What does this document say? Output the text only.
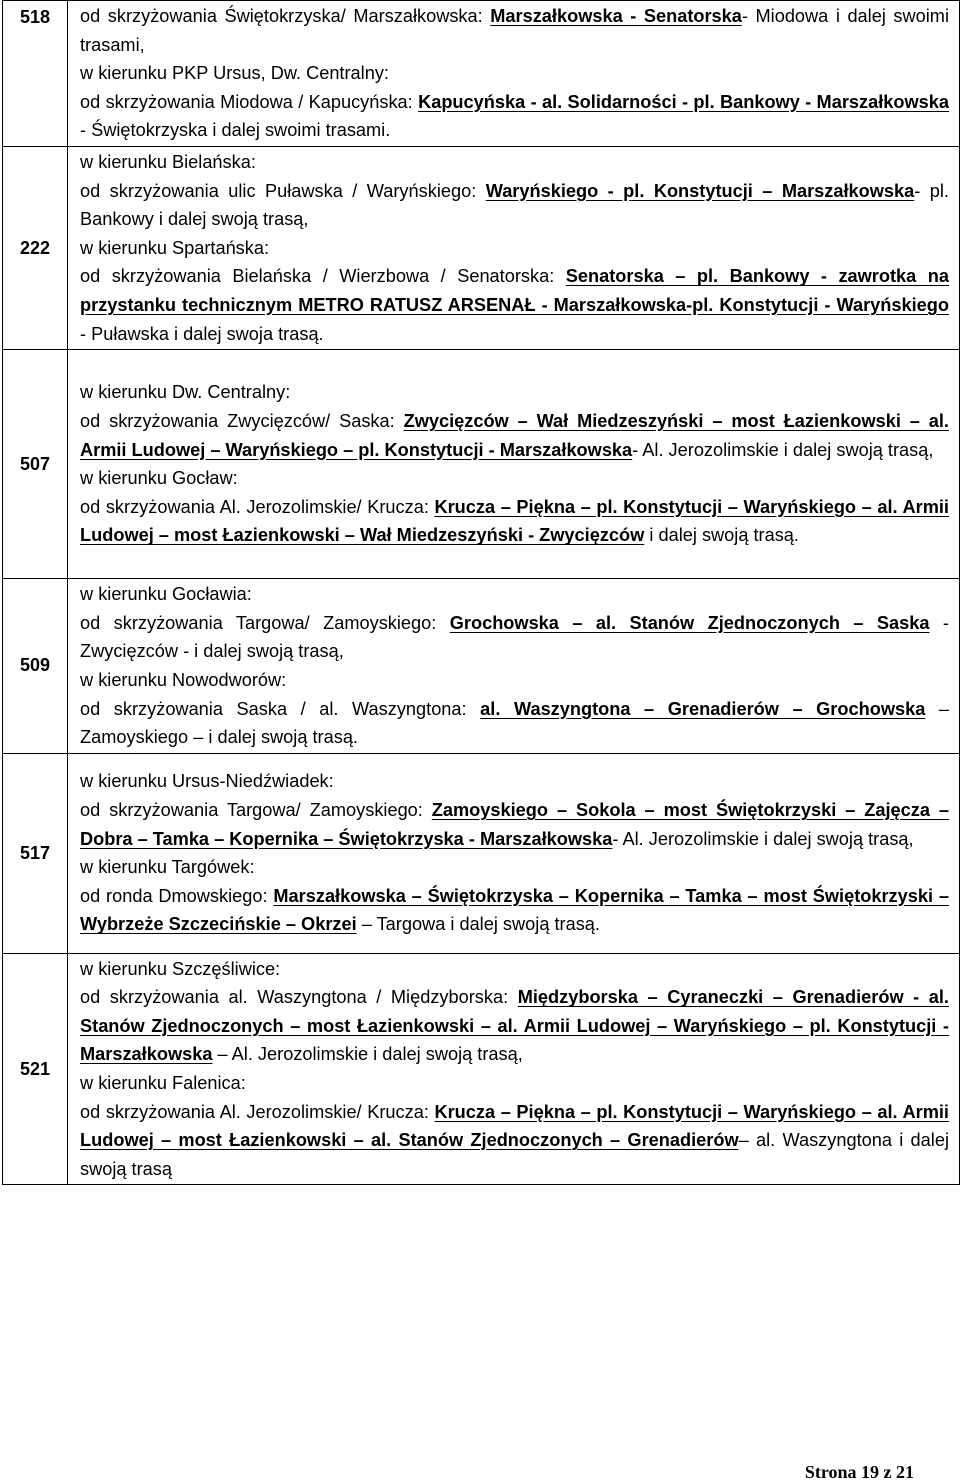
518	od skrzyżowania Świętokrzyska/ Marszałkowska: Marszałkowska - Senatorska- Miodowa i dalej swoimi trasami,

w kierunku PKP Ursus, Dw. Centralny:

od skrzyżowania Miodowa / Kapucyńska: Kapucyńska - al. Solidarności - pl. Bankowy - Marszałkowska - Świętokrzyska i dalej swoimi trasami.

222	w kierunku Bielańska:

od skrzyżowania ulic Puławska / Waryńskiego: Waryńskiego - pl. Konstytucji – Marszałkowska- pl. Bankowy i dalej swoją trasą,

w kierunku Spartańska:

od skrzyżowania Bielańska / Wierzbowa / Senatorska: Senatorska – pl. Bankowy - zawrotka na przystanku technicznym METRO RATUSZ ARSENAŁ - Marszałkowska-pl. Konstytucji - Waryńskiego - Puławska i dalej swoja trasą.

507	w kierunku Dw. Centralny:

od skrzyżowania Zwycięzców/ Saska: Zwycięzców – Wał Miedzeszyński – most Łazienkowski – al. Armii Ludowej – Waryńskiego – pl. Konstytucji - Marszałkowska- Al. Jerozolimskie i dalej swoją trasą,

w kierunku Gocław:

od skrzyżowania Al. Jerozolimskie/ Krucza: Krucza – Piękna – pl. Konstytucji – Waryńskiego – al. Armii Ludowej – most Łazienkowski – Wał Miedzeszyński - Zwycięzców i dalej swoją trasą.

509	w kierunku Gocławia:

od skrzyżowania Targowa/ Zamoyskiego: Grochowska – al. Stanów Zjednoczonych – Saska - Zwycięzców - i dalej swoją trasą,

w kierunku Nowodworów:

od skrzyżowania Saska / al. Waszyngtona: al. Waszyngtona – Grenadierów – Grochowska – Zamoyskiego – i dalej swoją trasą.

517	w kierunku Ursus-Niedźwiadek:

od skrzyżowania Targowa/ Zamoyskiego: Zamoyskiego – Sokola – most Świętokrzyski – Zajęcza – Dobra – Tamka – Kopernika – Świętokrzyska - Marszałkowska- Al. Jerozolimskie i dalej swoją trasą,

w kierunku Targówek:

od ronda Dmowskiego: Marszałkowska – Świętokrzyska – Kopernika – Tamka – most Świętokrzyski – Wybrzeże Szczecińskie – Okrzei – Targowa i dalej swoją trasą.

521	w kierunku Szczęśliwice:

od skrzyżowania al. Waszyngtona / Międzyborska: Międzyborska – Cyraneczki – Grenadierów - al. Stanów Zjednoczonych – most Łazienkowski – al. Armii Ludowej – Waryńskiego – pl. Konstytucji - Marszałkowska – Al. Jerozolimskie i dalej swoją trasą,

w kierunku Falenica:

od skrzyżowania Al. Jerozolimskie/ Krucza: Krucza – Piękna – pl. Konstytucji – Waryńskiego – al. Armii Ludowej – most Łazienkowski – al. Stanów Zjednoczonych – Grenadierów– al. Waszyngtona i dalej swoją trasą

Strona 19 z 21
